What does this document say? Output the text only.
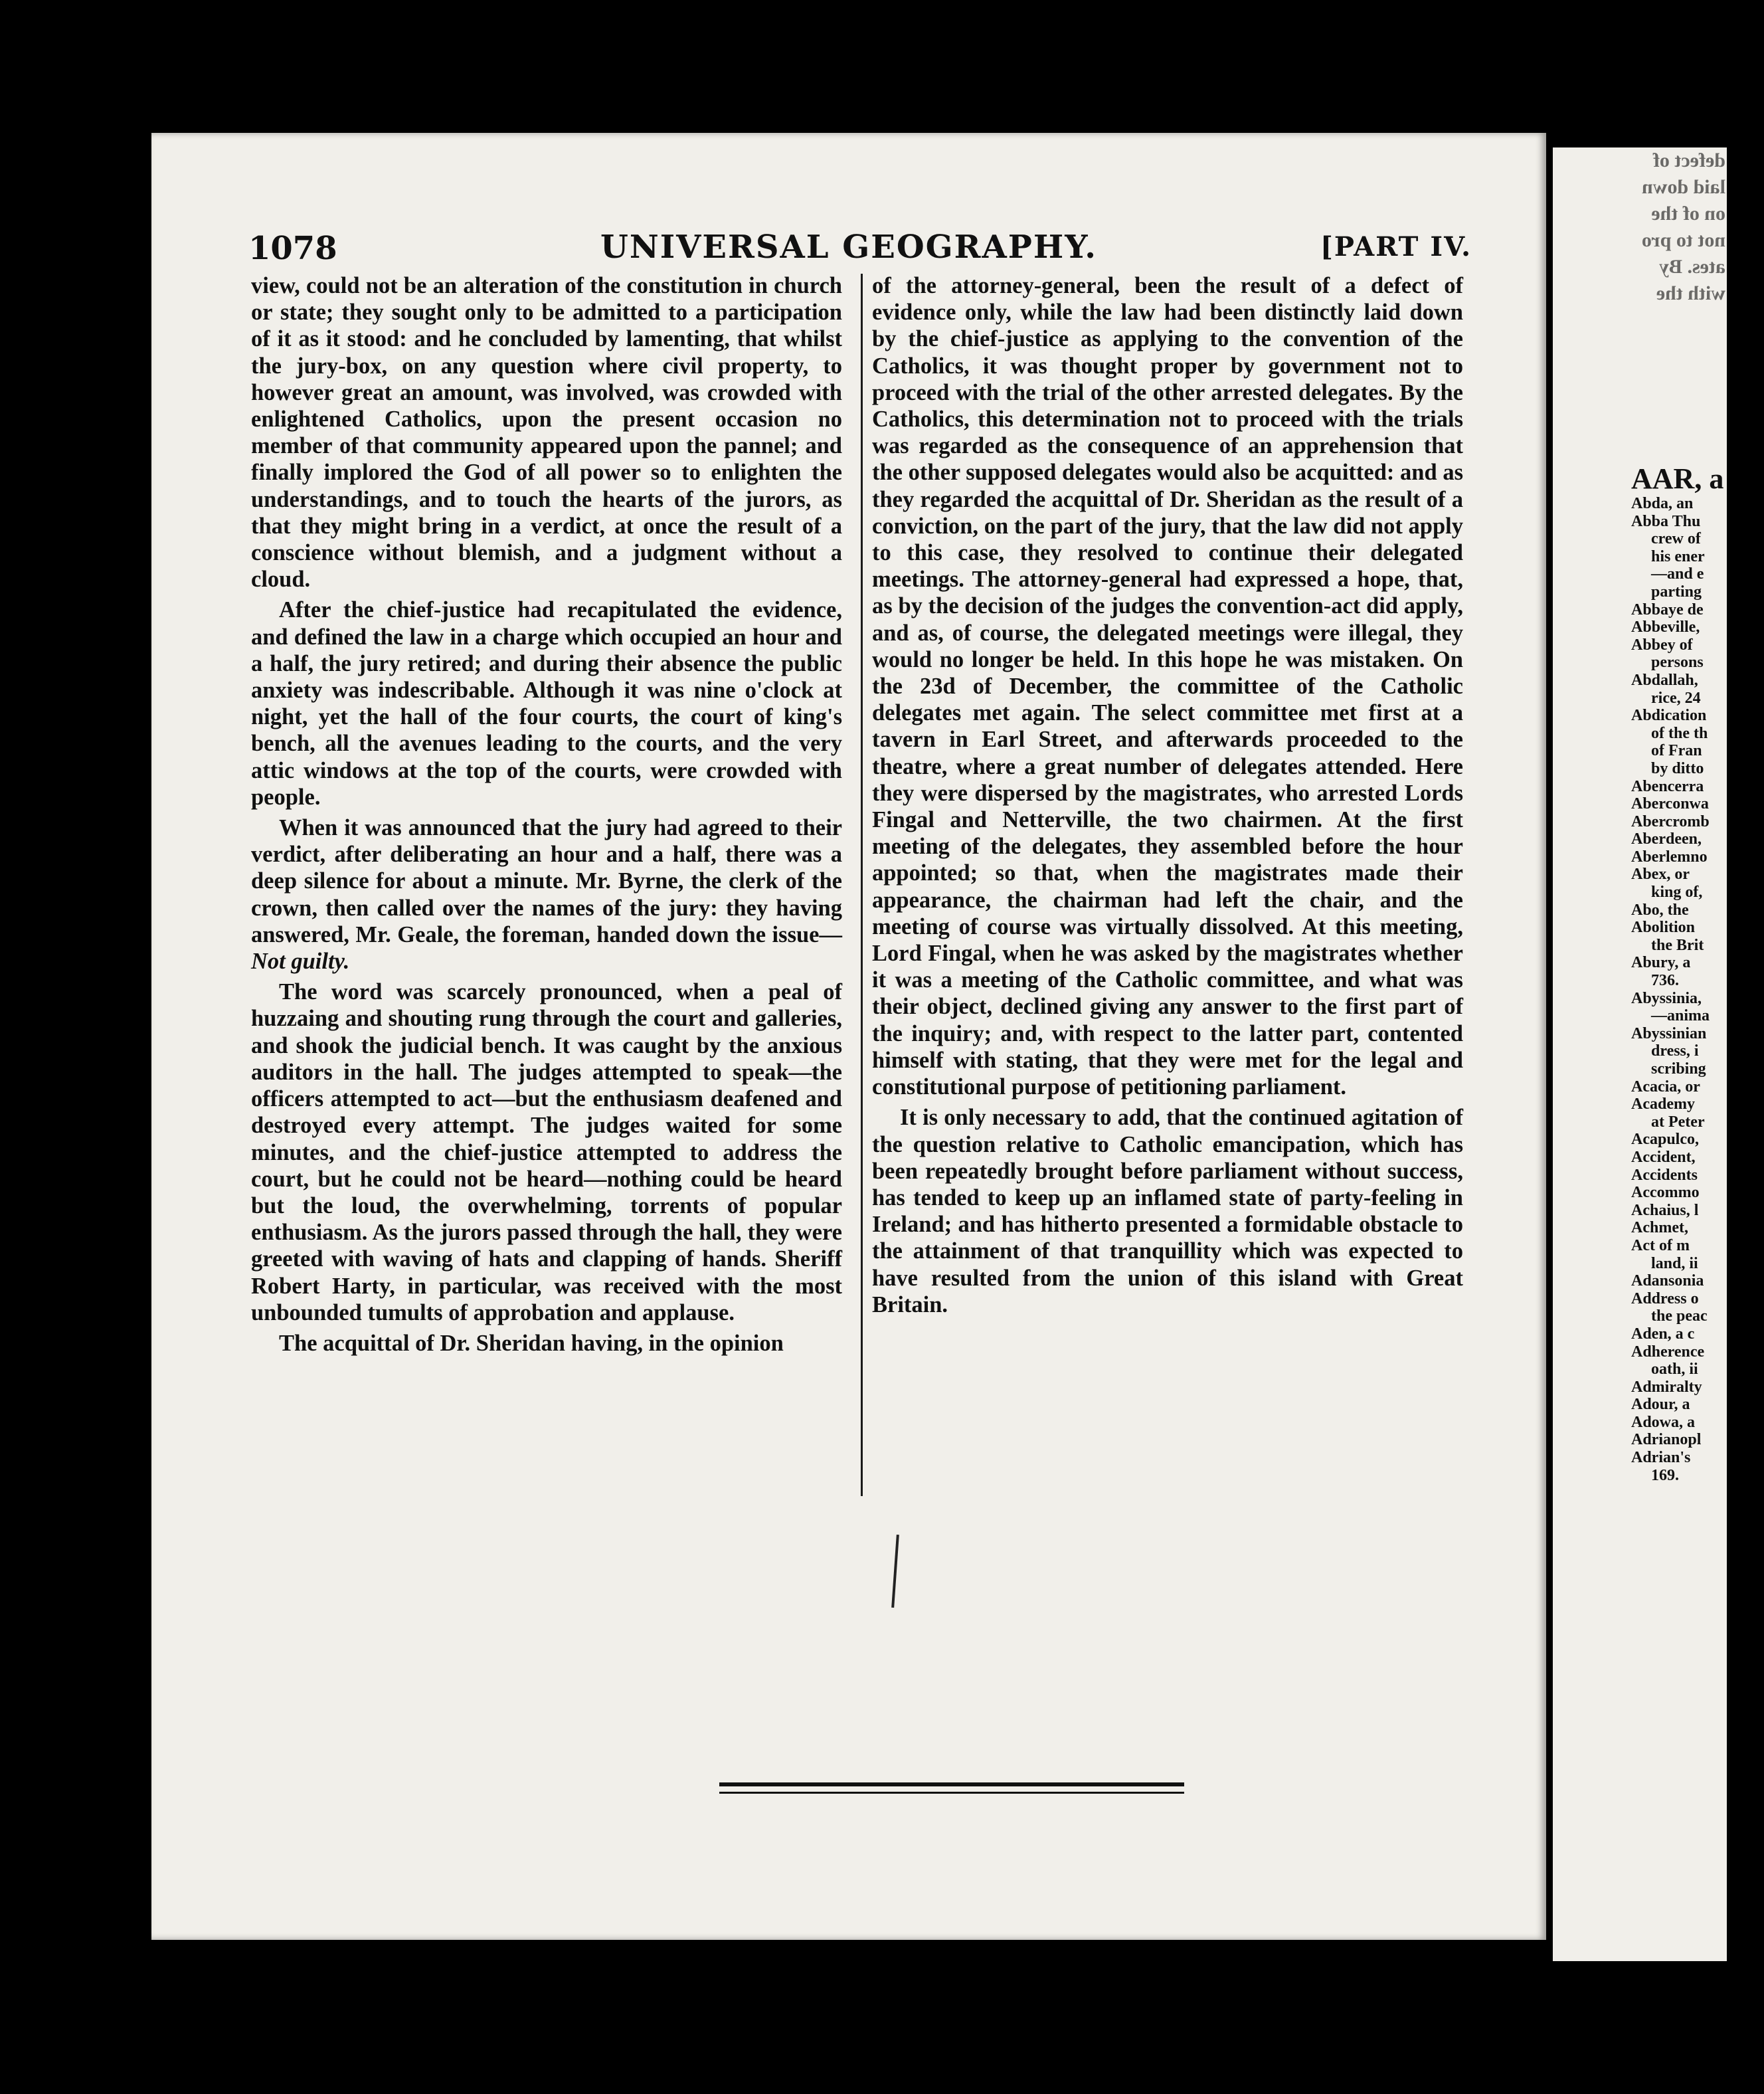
1078	UNIVERSAL GEOGRAPHY.	[PART IV.

view, could not be an alteration of the constitution in church or state; they sought only to be admitted to a participation of it as it stood: and he concluded by lamenting, that whilst the jury-box, on any question where civil property, to however great an amount, was involved, was crowded with enlightened Catholics, upon the present occasion no member of that community appeared upon the pannel; and finally implored the God of all power so to enlighten the understandings, and to touch the hearts of the jurors, as that they might bring in a verdict, at once the result of a conscience without blemish, and a judgment without a cloud.

After the chief-justice had recapitulated the evidence, and defined the law in a charge which occupied an hour and a half, the jury retired; and during their absence the public anxiety was indescribable. Although it was nine o'clock at night, yet the hall of the four courts, the court of king's bench, all the avenues leading to the courts, and the very attic windows at the top of the courts, were crowded with people.

When it was announced that the jury had agreed to their verdict, after deliberating an hour and a half, there was a deep silence for about a minute. Mr. Byrne, the clerk of the crown, then called over the names of the jury: they having answered, Mr. Geale, the foreman, handed down the issue—Not guilty.

The word was scarcely pronounced, when a peal of huzzaing and shouting rung through the court and galleries, and shook the judicial bench. It was caught by the anxious auditors in the hall. The judges attempted to speak—the officers attempted to act—but the enthusiasm deafened and destroyed every attempt. The judges waited for some minutes, and the chief-justice attempted to address the court, but he could not be heard—nothing could be heard but the loud, the overwhelming, torrents of popular enthusiasm. As the jurors passed through the hall, they were greeted with waving of hats and clapping of hands. Sheriff Robert Harty, in particular, was received with the most unbounded tumults of approbation and applause.

The acquittal of Dr. Sheridan having, in the opinion

of the attorney-general, been the result of a defect of evidence only, while the law had been distinctly laid down by the chief-justice as applying to the convention of the Catholics, it was thought proper by government not to proceed with the trial of the other arrested delegates. By the Catholics, this determination not to proceed with the trials was regarded as the consequence of an apprehension that the other supposed delegates would also be acquitted: and as they regarded the acquittal of Dr. Sheridan as the result of a conviction, on the part of the jury, that the law did not apply to this case, they resolved to continue their delegated meetings. The attorney-general had expressed a hope, that, as by the decision of the judges the convention-act did apply, and as, of course, the delegated meetings were illegal, they would no longer be held. In this hope he was mistaken. On the 23d of December, the committee of the Catholic delegates met again. The select committee met first at a tavern in Earl Street, and afterwards proceeded to the theatre, where a great number of delegates attended. Here they were dispersed by the magistrates, who arrested Lords Fingal and Netterville, the two chairmen. At the first meeting of the delegates, they assembled before the hour appointed; so that, when the magistrates made their appearance, the chairman had left the chair, and the meeting of course was virtually dissolved. At this meeting, Lord Fingal, when he was asked by the magistrates whether it was a meeting of the Catholic committee, and what was their object, declined giving any answer to the first part of the inquiry; and, with respect to the latter part, contented himself with stating, that they were met for the legal and constitutional purpose of petitioning parliament.

It is only necessary to add, that the continued agitation of the question relative to Catholic emancipation, which has been repeatedly brought before parliament without success, has tended to keep up an inflamed state of party-feeling in Ireland; and has hitherto presented a formidable obstacle to the attainment of that tranquillity which was expected to have resulted from the union of this island with Great Britain.

ↄ
defect of
laid down
on of the
not to pro
ates. By
with the
AAR, a
Abda, an
Abba Thu
crew of
his ener
—and e
parting
Abbaye de
Abbeville,
Abbey of
persons
Abdallah,
rice, 24
Abdication
of the th
of Fran
by ditto
Abencerra
Aberconwa
Abercromb
Aberdeen,
Aberlemno
Abex, or
king of,
Abo, the
Abolition
the Brit
Abury, a
736.
Abyssinia,
—anima
Abyssinian
dress, i
scribing
Acacia, or
Academy
at Peter
Acapulco,
Accident,
Accidents
Accommo
Achaius, l
Achmet,
Act of m
land, ii
Adansonia
Address o
the peac
Aden, a c
Adherence
oath, ii
Admiralty
Adour, a
Adowa, a
Adrianopl
Adrian's
169.
